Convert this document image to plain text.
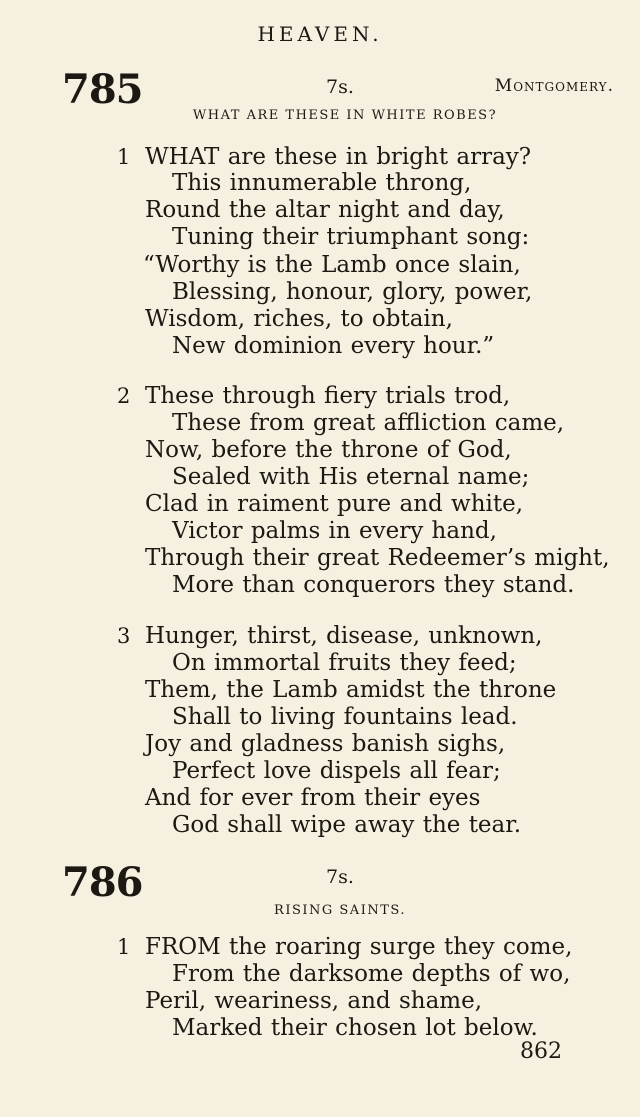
HEAVEN.
785	7s.	Montgomery.
WHAT ARE THESE IN WHITE ROBES?
1 WHAT are these in bright array?
This innumerable throng,
Round the altar night and day,
Tuning their triumphant song:
“Worthy is the Lamb once slain,
Blessing, honour, glory, power,
Wisdom, riches, to obtain,
New dominion every hour.”
2 These through fiery trials trod,
These from great affliction came,
Now, before the throne of God,
Sealed with His eternal name;
Clad in raiment pure and white,
Victor palms in every hand,
Through their great Redeemer’s might,
More than conquerors they stand.
3 Hunger, thirst, disease, unknown,
On immortal fruits they feed;
Them, the Lamb amidst the throne
Shall to living fountains lead.
Joy and gladness banish sighs,
Perfect love dispels all fear;
And for ever from their eyes
God shall wipe away the tear.
786	7s.
RISING SAINTS.
1 FROM the roaring surge they come,
From the darksome depths of wo,
Peril, weariness, and shame,
Marked their chosen lot below.
862
